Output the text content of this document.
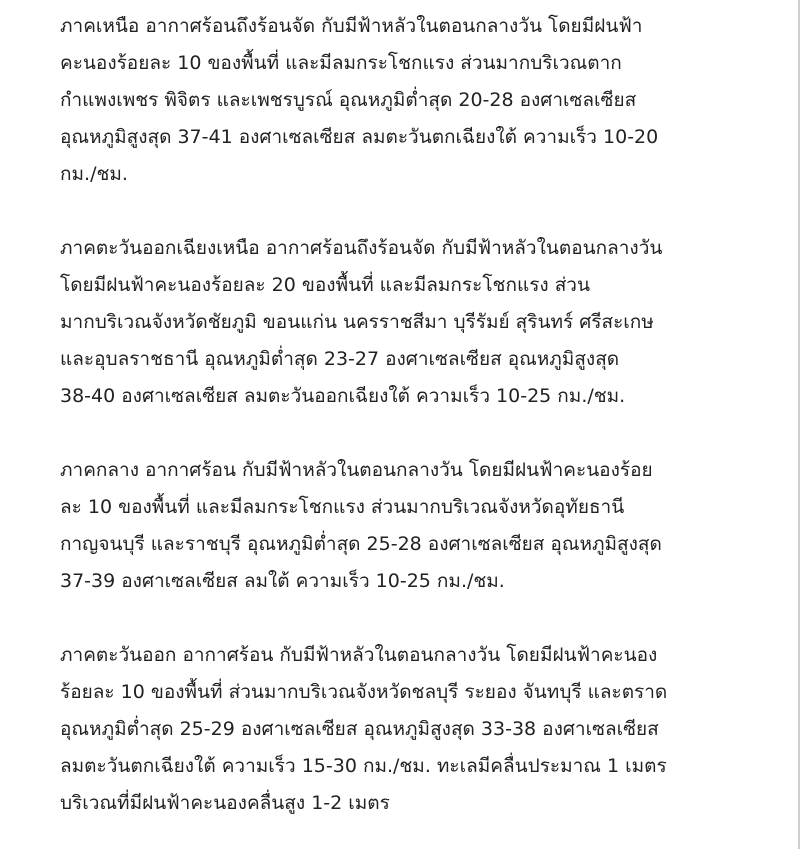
ภาคเหนือ อากาศร้อนถึงร้อนจัด กับมีฟ้าหลัวในตอนกลางวัน โดยมีฝนฟ้า
คะนองร้อยละ 10 ของพื้นที่ และมีลมกระโชกแรง ส่วนมากบริเวณตาก
กำแพงเพชร พิจิตร และเพชรบูรณ์ อุณหภูมิต่ำสุด 20-28 องศาเซลเซียส
อุณหภูมิสูงสุด 37-41 องศาเซลเซียส ลมตะวันตกเฉียงใต้ ความเร็ว 10-20
กม./ชม.

ภาคตะวันออกเฉียงเหนือ อากาศร้อนถึงร้อนจัด กับมีฟ้าหลัวในตอนกลางวัน
โดยมีฝนฟ้าคะนองร้อยละ 20 ของพื้นที่ และมีลมกระโชกแรง ส่วน
มากบริเวณจังหวัดชัยภูมิ ขอนแก่น นครราชสีมา บุรีรัมย์ สุรินทร์ ศรีสะเกษ
และอุบลราชธานี อุณหภูมิต่ำสุด 23-27 องศาเซลเซียส อุณหภูมิสูงสุด
38-40 องศาเซลเซียส ลมตะวันออกเฉียงใต้ ความเร็ว 10-25 กม./ชม.

ภาคกลาง อากาศร้อน กับมีฟ้าหลัวในตอนกลางวัน โดยมีฝนฟ้าคะนองร้อย
ละ 10 ของพื้นที่ และมีลมกระโชกแรง ส่วนมากบริเวณจังหวัดอุทัยธานี
กาญจนบุรี และราชบุรี อุณหภูมิต่ำสุด 25-28 องศาเซลเซียส อุณหภูมิสูงสุด
37-39 องศาเซลเซียส ลมใต้ ความเร็ว 10-25 กม./ชม.

ภาคตะวันออก อากาศร้อน กับมีฟ้าหลัวในตอนกลางวัน โดยมีฝนฟ้าคะนอง
ร้อยละ 10 ของพื้นที่ ส่วนมากบริเวณจังหวัดชลบุรี ระยอง จันทบุรี และตราด
อุณหภูมิต่ำสุด 25-29 องศาเซลเซียส อุณหภูมิสูงสุด 33-38 องศาเซลเซียส
ลมตะวันตกเฉียงใต้ ความเร็ว 15-30 กม./ชม. ทะเลมีคลื่นประมาณ 1 เมตร
บริเวณที่มีฝนฟ้าคะนองคลื่นสูง 1-2 เมตร
